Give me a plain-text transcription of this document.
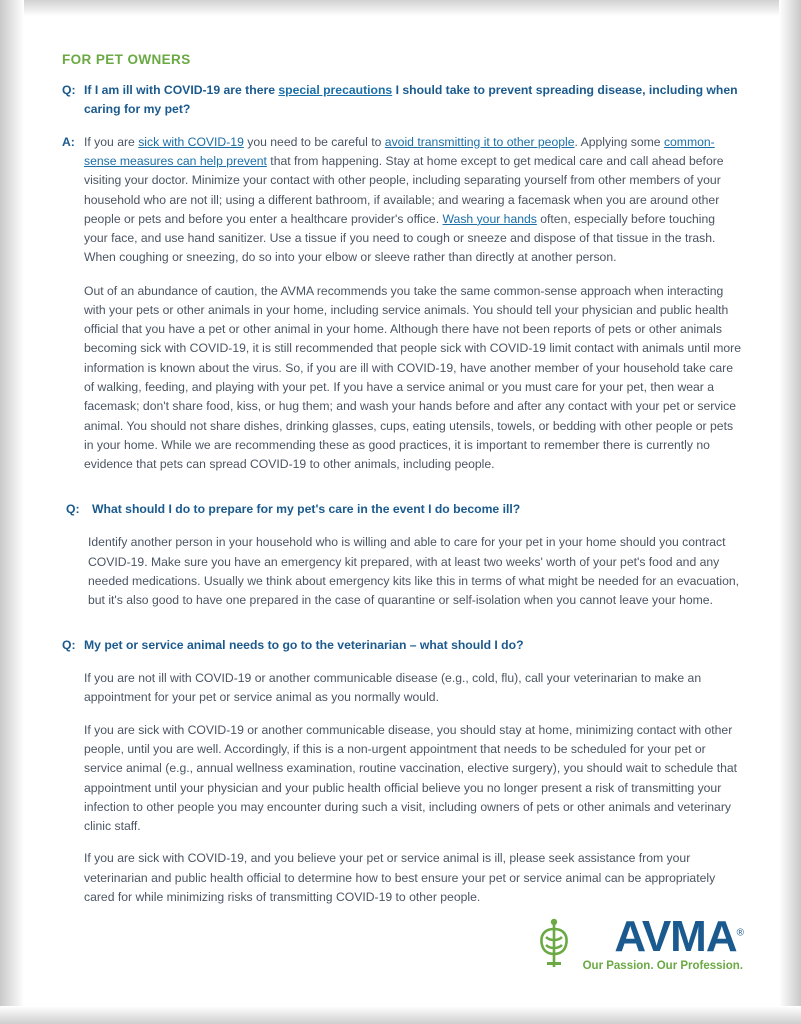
FOR PET OWNERS
Q: If I am ill with COVID-19 are there special precautions I should take to prevent spreading disease, including when caring for my pet?
A: If you are sick with COVID-19 you need to be careful to avoid transmitting it to other people. Applying some common-sense measures can help prevent that from happening. Stay at home except to get medical care and call ahead before visiting your doctor. Minimize your contact with other people, including separating yourself from other members of your household who are not ill; using a different bathroom, if available; and wearing a facemask when you are around other people or pets and before you enter a healthcare provider's office. Wash your hands often, especially before touching your face, and use hand sanitizer. Use a tissue if you need to cough or sneeze and dispose of that tissue in the trash. When coughing or sneezing, do so into your elbow or sleeve rather than directly at another person.

Out of an abundance of caution, the AVMA recommends you take the same common-sense approach when interacting with your pets or other animals in your home, including service animals. You should tell your physician and public health official that you have a pet or other animal in your home. Although there have not been reports of pets or other animals becoming sick with COVID-19, it is still recommended that people sick with COVID-19 limit contact with animals until more information is known about the virus. So, if you are ill with COVID-19, have another member of your household take care of walking, feeding, and playing with your pet. If you have a service animal or you must care for your pet, then wear a facemask; don't share food, kiss, or hug them; and wash your hands before and after any contact with your pet or service animal. You should not share dishes, drinking glasses, cups, eating utensils, towels, or bedding with other people or pets in your home. While we are recommending these as good practices, it is important to remember there is currently no evidence that pets can spread COVID-19 to other animals, including people.

Q:	What should I do to prepare for my pet's care in the event I do become ill?

Identify another person in your household who is willing and able to care for your pet in your home should you contract COVID-19. Make sure you have an emergency kit prepared, with at least two weeks' worth of your pet's food and any needed medications. Usually we think about emergency kits like this in terms of what might be needed for an evacuation, but it's also good to have one prepared in the case of quarantine or self-isolation when you cannot leave your home.

Q: My pet or service animal needs to go to the veterinarian – what should I do?

If you are not ill with COVID-19 or another communicable disease (e.g., cold, flu), call your veterinarian to make an appointment for your pet or service animal as you normally would.

If you are sick with COVID-19 or another communicable disease, you should stay at home, minimizing contact with other people, until you are well. Accordingly, if this is a non-urgent appointment that needs to be scheduled for your pet or service animal (e.g., annual wellness examination, routine vaccination, elective surgery), you should wait to schedule that appointment until your physician and your public health official believe you no longer present a risk of transmitting your infection to other people you may encounter during such a visit, including owners of pets or other animals and veterinary clinic staff.

If you are sick with COVID-19, and you believe your pet or service animal is ill, please seek assistance from your veterinarian and public health official to determine how to best ensure your pet or service animal can be appropriately cared for while minimizing risks of transmitting COVID-19 to other people.

AVMA®
Our Passion. Our Profession.
